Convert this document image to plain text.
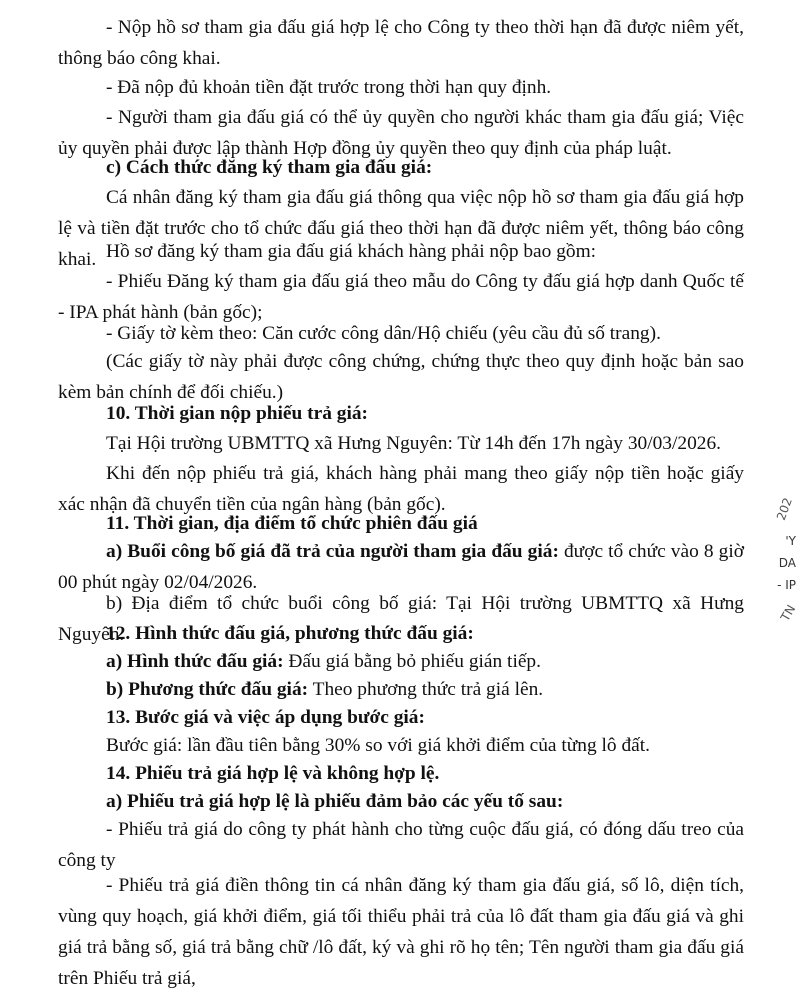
- Nộp hồ sơ tham gia đấu giá hợp lệ cho Công ty theo thời hạn đã được niêm yết, thông báo công khai.

- Đã nộp đủ khoản tiền đặt trước trong thời hạn quy định.

- Người tham gia đấu giá có thể ủy quyền cho người khác tham gia đấu giá; Việc ủy quyền phải được lập thành Hợp đồng ủy quyền theo quy định của pháp luật.

c) Cách thức đăng ký tham gia đấu giá:

Cá nhân đăng ký tham gia đấu giá thông qua việc nộp hồ sơ tham gia đấu giá hợp lệ và tiền đặt trước cho tổ chức đấu giá theo thời hạn đã được niêm yết, thông báo công khai. Hồ sơ đăng ký tham gia đấu giá khách hàng phải nộp bao gồm:

- Phiếu Đăng ký tham gia đấu giá theo mẫu do Công ty đấu giá hợp danh Quốc tế - IPA phát hành (bản gốc);

- Giấy tờ kèm theo: Căn cước công dân/Hộ chiếu (yêu cầu đủ số trang).

(Các giấy tờ này phải được công chứng, chứng thực theo quy định hoặc bản sao kèm bản chính để đối chiếu.)

10. Thời gian nộp phiếu trả giá:

Tại Hội trường UBMTTQ xã Hưng Nguyên: Từ 14h đến 17h ngày 30/03/2026.

Khi đến nộp phiếu trả giá, khách hàng phải mang theo giấy nộp tiền hoặc giấy xác nhận đã chuyển tiền của ngân hàng (bản gốc).

11. Thời gian, địa điểm tổ chức phiên đấu giá

a) Buổi công bố giá đã trả của người tham gia đấu giá: được tổ chức vào 8 giờ 00 phút ngày 02/04/2026.

b) Địa điểm tổ chức buổi công bố giá: Tại Hội trường UBMTTQ xã Hưng Nguyên.

12. Hình thức đấu giá, phương thức đấu giá:

a) Hình thức đấu giá: Đấu giá bằng bỏ phiếu gián tiếp.

b) Phương thức đấu giá: Theo phương thức trả giá lên.

13. Bước giá và việc áp dụng bước giá:

Bước giá: lần đầu tiên bằng 30% so với giá khởi điểm của từng lô đất.

14. Phiếu trả giá hợp lệ và không hợp lệ.

a) Phiếu trả giá hợp lệ là phiếu đảm bảo các yếu tố sau:

- Phiếu trả giá do công ty phát hành cho từng cuộc đấu giá, có đóng dấu treo của công ty

- Phiếu trả giá điền thông tin cá nhân đăng ký tham gia đấu giá, số lô, diện tích, vùng quy hoạch, giá khởi điểm, giá tối thiểu phải trả của lô đất tham gia đấu giá và ghi giá trả bằng số, giá trả bằng chữ /lô đất, ký và ghi rõ họ tên; Tên người tham gia đấu giá trên Phiếu trả giá,

202
'Y
DA
- IP
TN
